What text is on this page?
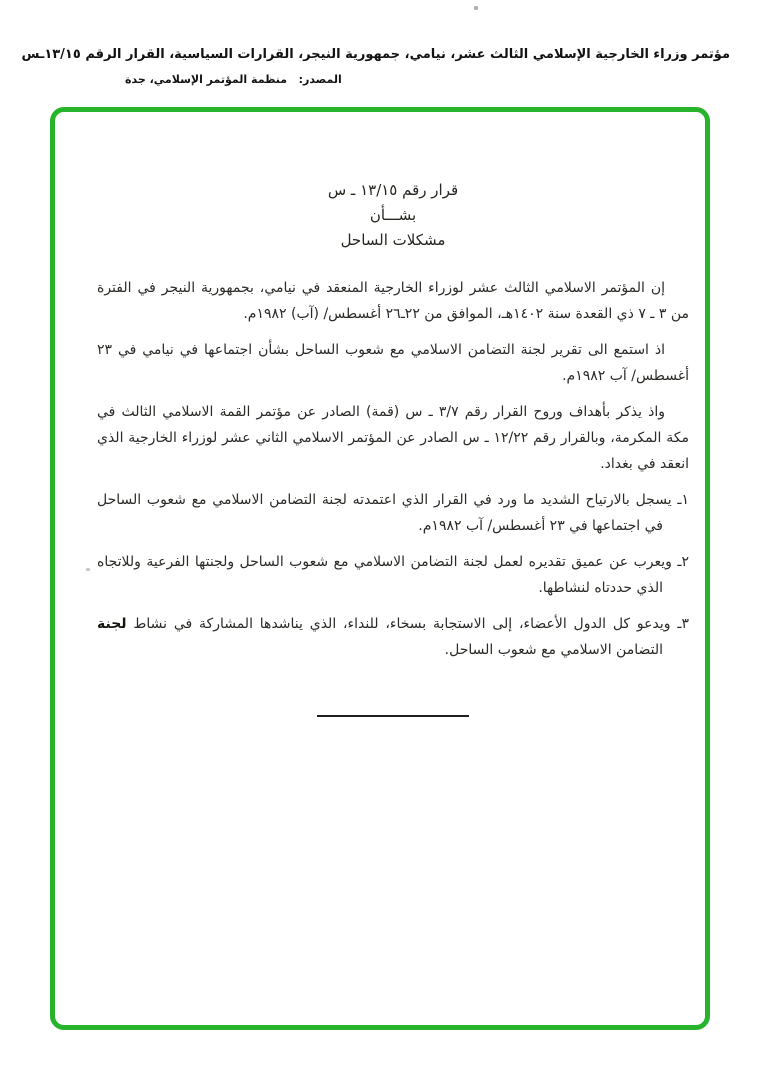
مؤتمر وزراء الخارجية الإسلامي الثالث عشر، نيامي، جمهورية النيجر، القرارات السياسية، القرار الرقم ١٣/١٥ـس
المصدر:   منظمة المؤتمر الإسلامي، جدة
قرار رقم ١٣/١٥ ـ س
بشـــأن
مشكلات الساحل

إن المؤتمر الاسلامي الثالث عشر لوزراء الخارجية المنعقد في نيامي، بجمهورية النيجر في الفترة من ٣ ـ ٧ ذي القعدة سنة ١٤٠٢هـ، الموافق من ⁦٢٢ـ٢٦⁩ أغسطس/ (آب) ١٩٨٢م.

اذ استمع الى تقرير لجنة التضامن الاسلامي مع شعوب الساحل بشأن اجتماعها في نيامي في ٢٣ أغسطس/ آب ١٩٨٢م.

واذ يذكر بأهداف وروح القرار رقم ٣/٧ ـ س (قمة) الصادر عن مؤتمر القمة الاسلامي الثالث في مكة المكرمة، وبالقرار رقم ١٢/٢٢ ـ س الصادر عن المؤتمر الاسلامي الثاني عشر لوزراء الخارجية الذي انعقد في بغداد.

١ـ يسجل بالارتياح الشديد ما ورد في القرار الذي اعتمدته لجنة التضامن الاسلامي مع شعوب الساحل في اجتماعها في ٢٣ أغسطس/ آب ١٩٨٢م.
٢ـ ويعرب عن عميق تقديره لعمل لجنة التضامن الاسلامي مع شعوب الساحل ولجنتها الفرعية وللاتجاه الذي حددتاه لنشاطها.
٣ـ ويدعو كل الدول الأعضاء، إلى الاستجابة بسخاء، للنداء، الذي يناشدها المشاركة في نشاط لجنة التضامن الاسلامي مع شعوب الساحل.
